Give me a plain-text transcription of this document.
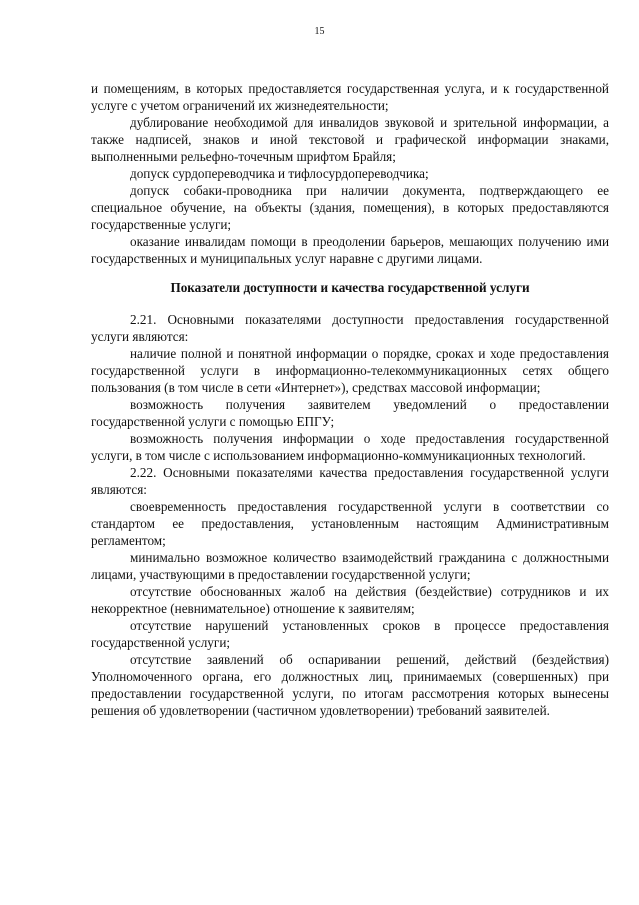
15

и помещениям, в которых предоставляется государственная услуга, и к государственной услуге с учетом ограничений их жизнедеятельности;

дублирование необходимой для инвалидов звуковой и зрительной информации, а также надписей, знаков и иной текстовой и графической информации знаками, выполненными рельефно-точечным шрифтом Брайля;

допуск сурдопереводчика и тифлосурдопереводчика;

допуск собаки-проводника при наличии документа, подтверждающего ее специальное обучение, на объекты (здания, помещения), в которых предоставляются государственные услуги;

оказание инвалидам помощи в преодолении барьеров, мешающих получению ими государственных и муниципальных услуг наравне с другими лицами.

Показатели доступности и качества государственной услуги

2.21. Основными показателями доступности предоставления государственной услуги являются:

наличие полной и понятной информации о порядке, сроках и ходе предоставления государственной услуги в информационно-телекоммуникационных сетях общего пользования (в том числе в сети «Интернет»), средствах массовой информации;

возможность получения заявителем уведомлений о предоставлении государственной услуги с помощью ЕПГУ;

возможность получения информации о ходе предоставления государственной услуги, в том числе с использованием информационно-коммуникационных технологий.

2.22. Основными показателями качества предоставления государственной услуги являются:

своевременность предоставления государственной услуги в соответствии со стандартом ее предоставления, установленным настоящим Административным регламентом;

минимально возможное количество взаимодействий гражданина с должностными лицами, участвующими в предоставлении государственной услуги;

отсутствие обоснованных жалоб на действия (бездействие) сотрудников и их некорректное (невнимательное) отношение к заявителям;

отсутствие нарушений установленных сроков в процессе предоставления государственной услуги;

отсутствие заявлений об оспаривании решений, действий (бездействия) Уполномоченного органа, его должностных лиц, принимаемых (совершенных) при предоставлении государственной услуги, по итогам рассмотрения которых вынесены решения об удовлетворении (частичном удовлетворении) требований заявителей.
